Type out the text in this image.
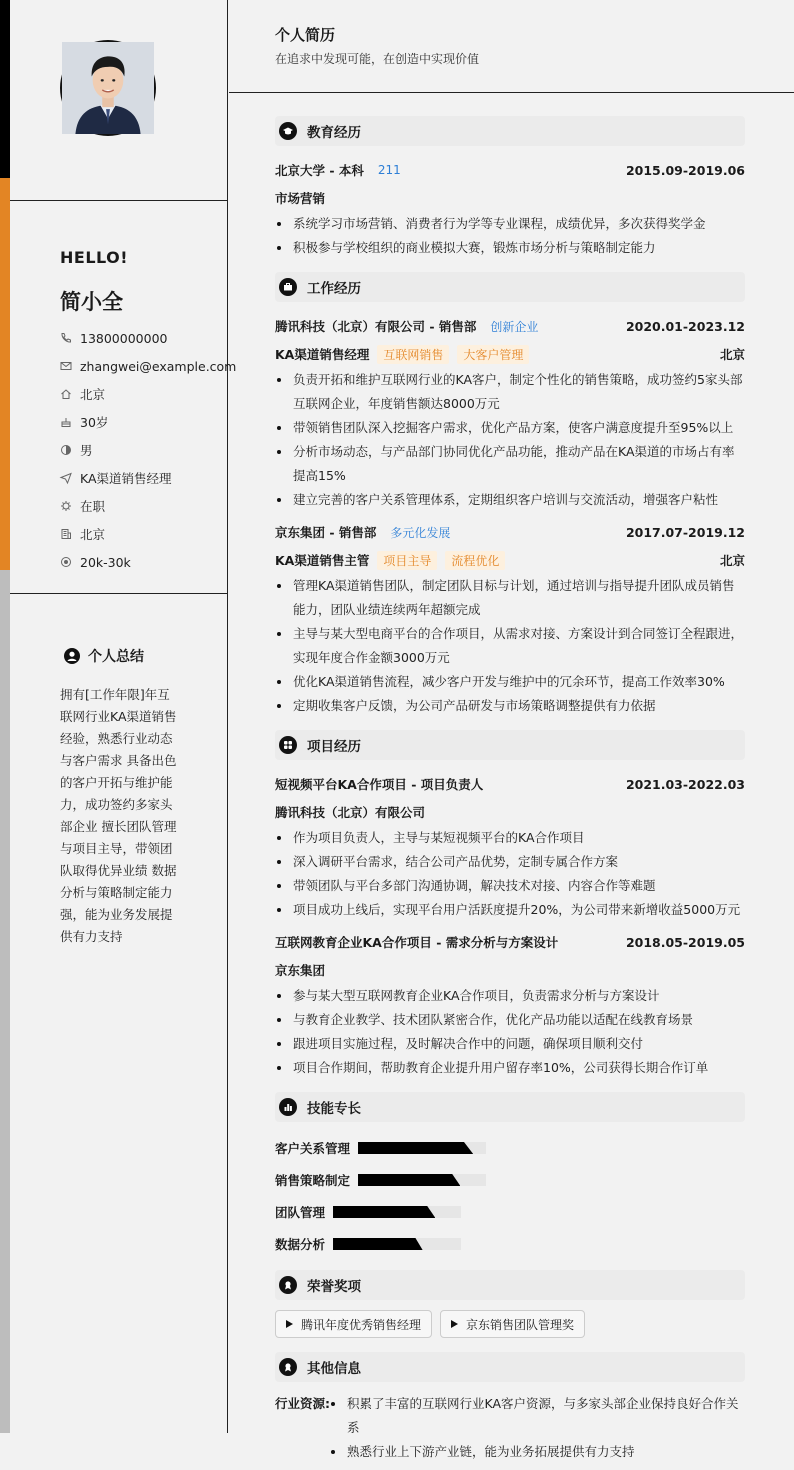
HELLO!
简小全
13800000000
zhangwei@example.com
北京
30岁
男
KA渠道销售经理
在职
北京
20k-30k
个人总结
拥有[工作年限]年互联网行业KA渠道销售经验，熟悉行业动态与客户需求 具备出色的客户开拓与维护能力，成功签约多家头部企业 擅长团队管理与项目主导，带领团队取得优异业绩 数据分析与策略制定能力强，能为业务发展提供有力支持
个人简历
在追求中发现可能，在创造中实现价值
教育经历
北京大学 - 本科 211	2015.09-2019.06
市场营销
系统学习市场营销、消费者行为学等专业课程，成绩优异，多次获得奖学金
积极参与学校组织的商业模拟大赛，锻炼市场分析与策略制定能力
工作经历
腾讯科技（北京）有限公司 - 销售部 创新企业	2020.01-2023.12
KA渠道销售经理	互联网销售	大客户管理	北京
负责开拓和维护互联网行业的KA客户，制定个性化的销售策略，成功签约5家头部互联网企业，年度销售额达8000万元
带领销售团队深入挖掘客户需求，优化产品方案，使客户满意度提升至95%以上
分析市场动态，与产品部门协同优化产品功能，推动产品在KA渠道的市场占有率提高15%
建立完善的客户关系管理体系，定期组织客户培训与交流活动，增强客户粘性
京东集团 - 销售部 多元化发展	2017.07-2019.12
KA渠道销售主管	项目主导	流程优化	北京
管理KA渠道销售团队，制定团队目标与计划，通过培训与指导提升团队成员销售能力，团队业绩连续两年超额完成
主导与某大型电商平台的合作项目，从需求对接、方案设计到合同签订全程跟进，实现年度合作金额3000万元
优化KA渠道销售流程，减少客户开发与维护中的冗余环节，提高工作效率30%
定期收集客户反馈，为公司产品研发与市场策略调整提供有力依据
项目经历
短视频平台KA合作项目 - 项目负责人	2021.03-2022.03
腾讯科技（北京）有限公司
作为项目负责人，主导与某短视频平台的KA合作项目
深入调研平台需求，结合公司产品优势，定制专属合作方案
带领团队与平台多部门沟通协调，解决技术对接、内容合作等难题
项目成功上线后，实现平台用户活跃度提升20%，为公司带来新增收益5000万元
互联网教育企业KA合作项目 - 需求分析与方案设计	2018.05-2019.05
京东集团
参与某大型互联网教育企业KA合作项目，负责需求分析与方案设计
与教育企业教学、技术团队紧密合作，优化产品功能以适配在线教育场景
跟进项目实施过程，及时解决合作中的问题，确保项目顺利交付
项目合作期间，帮助教育企业提升用户留存率10%，公司获得长期合作订单
技能专长
客户关系管理
销售策略制定
团队管理
数据分析
荣誉奖项
腾讯年度优秀销售经理	京东销售团队管理奖
其他信息
行业资源:	积累了丰富的互联网行业KA客户资源，与多家头部企业保持良好合作关系
熟悉行业上下游产业链，能为业务拓展提供有力支持
